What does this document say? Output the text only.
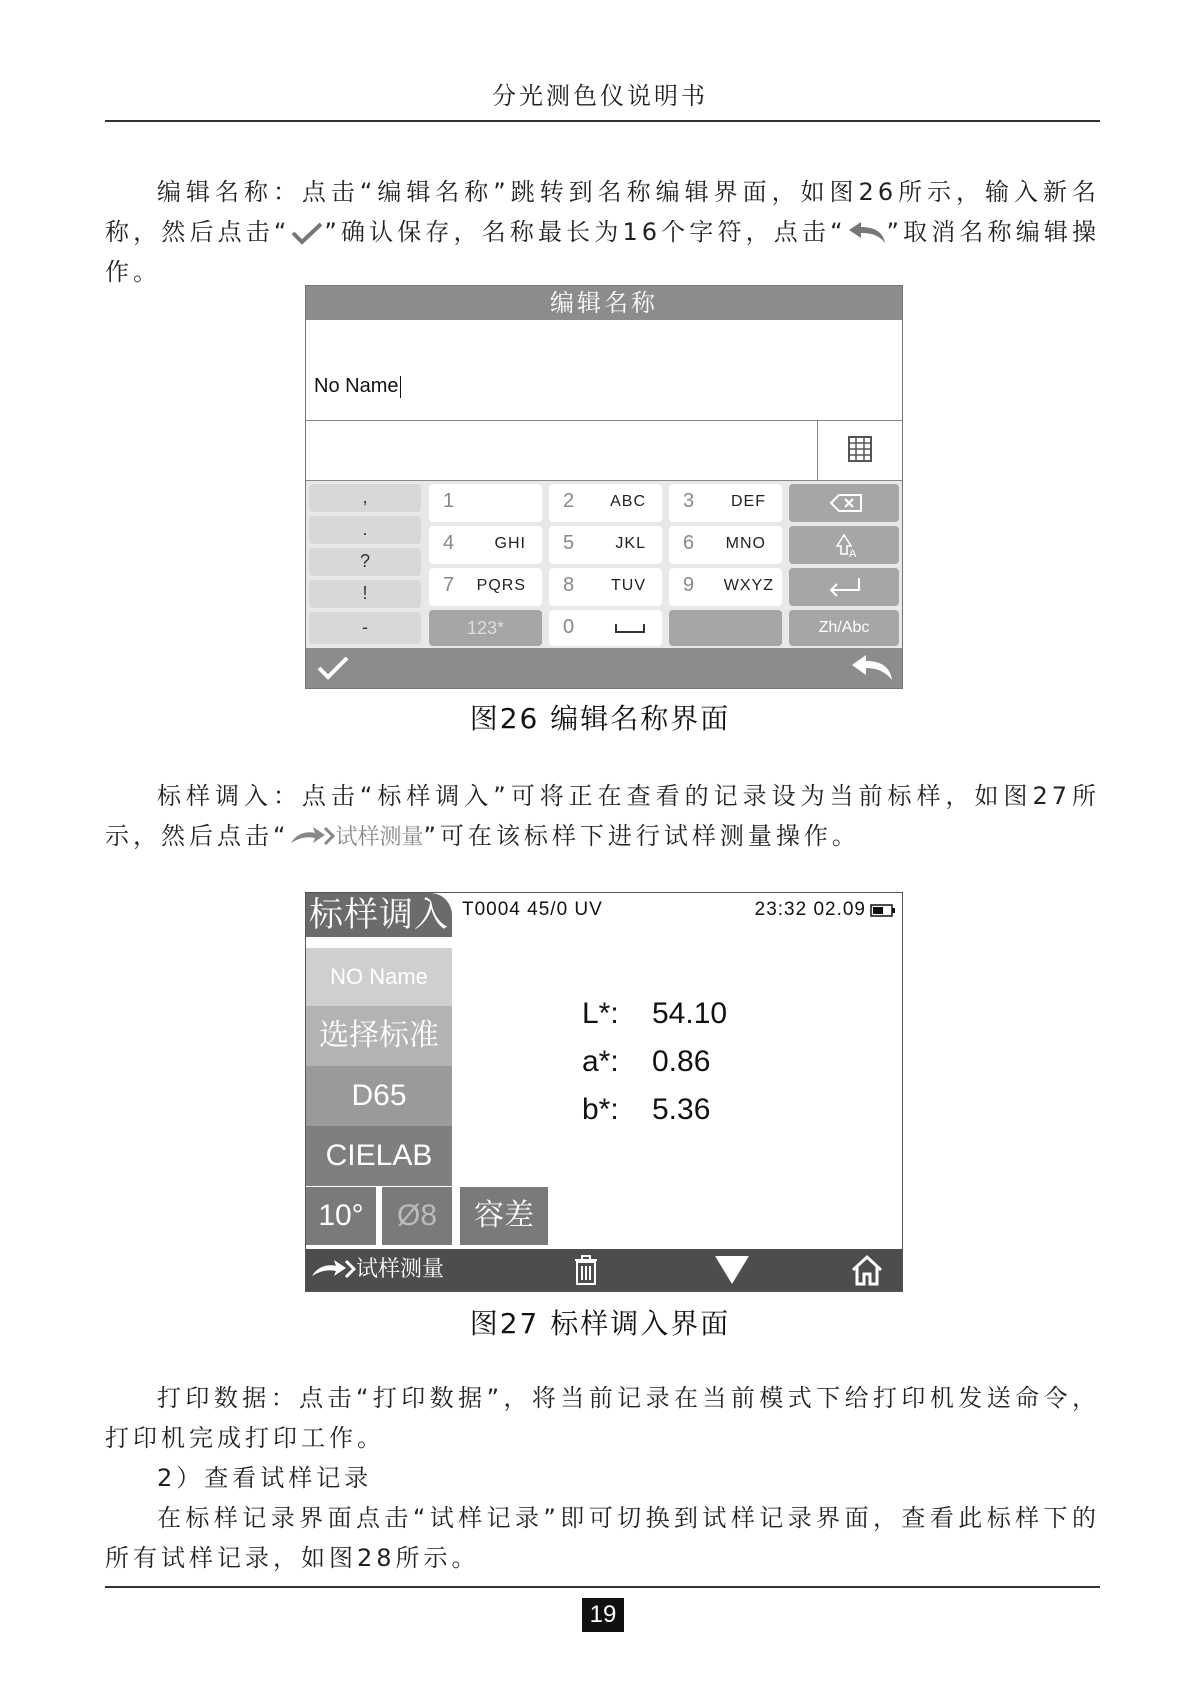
分光测色仪说明书

编辑名称：点击“编辑名称”跳转到名称编辑界面，如图26所示，输入新名称，然后点击“ ”确认保存，名称最长为16个字符，点击“ ”取消名称编辑操作。

编辑名称
No Name
,
.
?
!
-
1	2 ABC 3 DEF
4	GHI 5	JKL 6 MNO
A
7 PQRS 8 TUV 9 WXYZ
123*	0	Zh/Abc
图26 编辑名称界面

标样调入：点击“标样调入”可将正在查看的记录设为当前标样，如图27所示，然后点击“ 试样测量”可在该标样下进行试样测量操作。

标样调入 T0004 45/0 UV	23:32 02.09
NO Name
选择标准
D65
CIELAB
10°	Ø8	容差
L*: 54.10
a*: 0.86
b*: 5.36
试样测量
图27 标样调入界面

打印数据：点击“打印数据”，将当前记录在当前模式下给打印机发送命令，打印机完成打印工作。

2）查看试样记录

在标样记录界面点击“试样记录”即可切换到试样记录界面，查看此标样下的所有试样记录，如图28所示。

19
